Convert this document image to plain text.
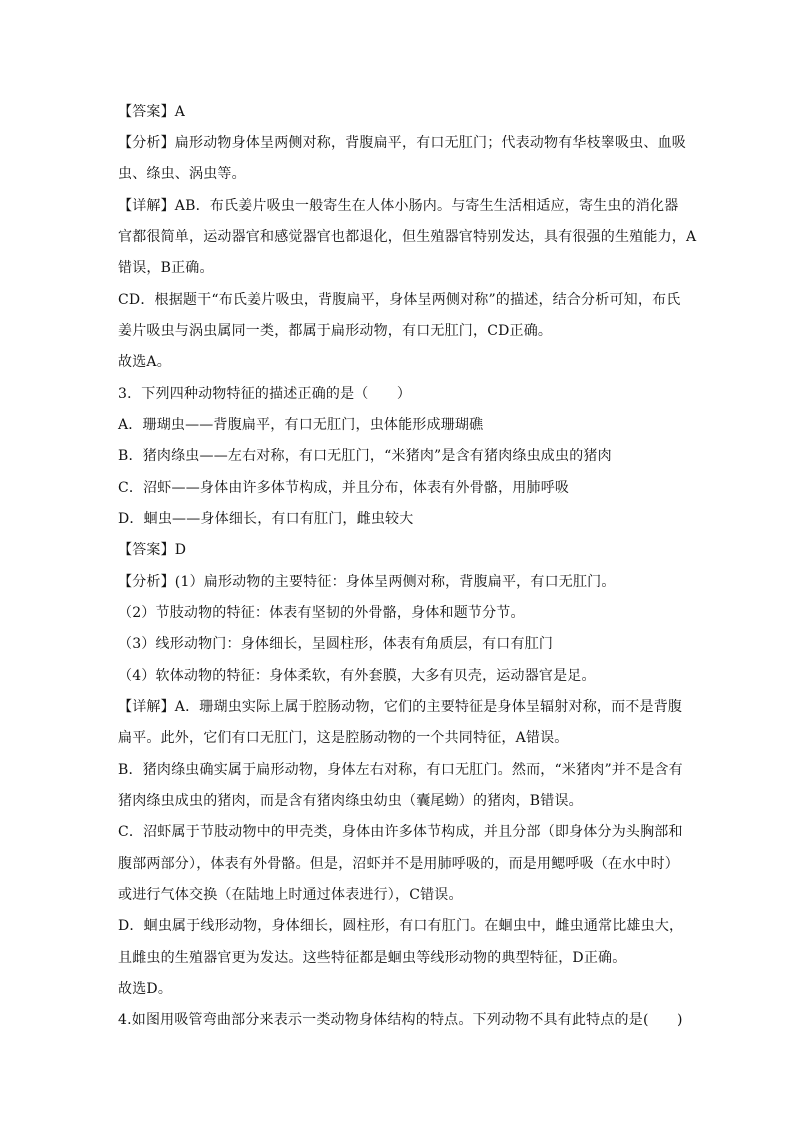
【答案】A
【分析】扁形动物身体呈两侧对称，背腹扁平，有口无肛门；代表动物有华枝睾吸虫、血吸
虫、绦虫、涡虫等。
【详解】AB．布氏姜片吸虫一般寄生在人体小肠内。与寄生生活相适应，寄生虫的消化器
官都很简单，运动器官和感觉器官也都退化，但生殖器官特别发达，具有很强的生殖能力，A
错误，B正确。
CD．根据题干“布氏姜片吸虫，背腹扁平，身体呈两侧对称”的描述，结合分析可知，布氏
姜片吸虫与涡虫属同一类，都属于扁形动物，有口无肛门，CD正确。
故选A。
3．下列四种动物特征的描述正确的是（　　）
A．珊瑚虫——背腹扁平，有口无肛门，虫体能形成珊瑚礁
B．猪肉绦虫——左右对称，有口无肛门，“米猪肉”是含有猪肉绦虫成虫的猪肉
C．沼虾——身体由许多体节构成，并且分布，体表有外骨骼，用肺呼吸
D．蛔虫——身体细长，有口有肛门，雌虫较大
【答案】D
【分析】(1）扁形动物的主要特征：身体呈两侧对称，背腹扁平，有口无肛门。
（2）节肢动物的特征：体表有坚韧的外骨骼，身体和题节分节。
（3）线形动物门：身体细长，呈圆柱形，体表有角质层，有口有肛门
（4）软体动物的特征：身体柔软，有外套膜，大多有贝壳，运动器官是足。
【详解】A．珊瑚虫实际上属于腔肠动物，它们的主要特征是身体呈辐射对称，而不是背腹
扁平。此外，它们有口无肛门，这是腔肠动物的一个共同特征，A错误。
B．猪肉绦虫确实属于扁形动物，身体左右对称，有口无肛门。然而，“米猪肉”并不是含有
猪肉绦虫成虫的猪肉，而是含有猪肉绦虫幼虫（囊尾蚴）的猪肉，B错误。
C．沼虾属于节肢动物中的甲壳类，身体由许多体节构成，并且分部（即身体分为头胸部和
腹部两部分），体表有外骨骼。但是，沼虾并不是用肺呼吸的，而是用鳃呼吸（在水中时）
或进行气体交换（在陆地上时通过体表进行），C错误。
D．蛔虫属于线形动物，身体细长，圆柱形，有口有肛门。在蛔虫中，雌虫通常比雄虫大，
且雌虫的生殖器官更为发达。这些特征都是蛔虫等线形动物的典型特征，D正确。
故选D。
4.如图用吸管弯曲部分来表示一类动物身体结构的特点。下列动物不具有此特点的是(　　)
